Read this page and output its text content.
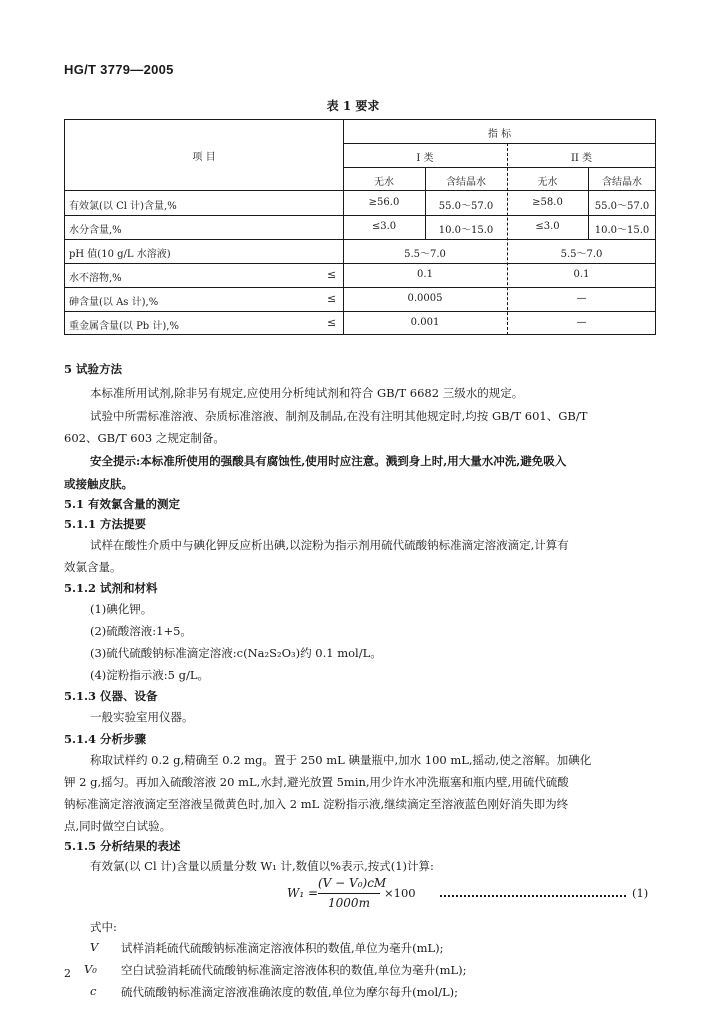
HG/T 3779—2005
表 1 要求
项 目
指 标
I 类	II 类
无水	含结晶水	无水	含结晶水
有效氯(以 Cl 计)含量,%	≥56.0	55.0～57.0	≥58.0	55.0～57.0
水分含量,%	≤3.0	10.0～15.0	≤3.0	10.0～15.0
pH 值(10 g/L 水溶液)	5.5～7.0	5.5～7.0
水不溶物,%	≤	0.1	0.1
砷含量(以 As 计),%	≤	0.0005	—
重金属含量(以 Pb 计),%	≤	0.001	—
5 试验方法
本标准所用试剂,除非另有规定,应使用分析纯试剂和符合 GB/T 6682 三级水的规定。
试验中所需标准溶液、杂质标准溶液、制剂及制品,在没有注明其他规定时,均按 GB/T 601、GB/T
602、GB/T 603 之规定制备。
安全提示:本标准所使用的强酸具有腐蚀性,使用时应注意。溅到身上时,用大量水冲洗,避免吸入
或接触皮肤。
5.1 有效氯含量的测定
5.1.1 方法提要
试样在酸性介质中与碘化钾反应析出碘,以淀粉为指示剂用硫代硫酸钠标准滴定溶液滴定,计算有
效氯含量。
5.1.2 试剂和材料
(1)碘化钾。
(2)硫酸溶液:1+5。
(3)硫代硫酸钠标准滴定溶液:c(Na₂S₂O₃)约 0.1 mol/L。
(4)淀粉指示液:5 g/L。
5.1.3 仪器、设备
一般实验室用仪器。
5.1.4 分析步骤
称取试样约 0.2 g,精确至 0.2 mg。置于 250 mL 碘量瓶中,加水 100 mL,摇动,使之溶解。加碘化
钾 2 g,摇匀。再加入硫酸溶液 20 mL,水封,避光放置 5min,用少许水冲洗瓶塞和瓶内壁,用硫代硫酸
钠标准滴定溶液滴定至溶液呈微黄色时,加入 2 mL 淀粉指示液,继续滴定至溶液蓝色刚好消失即为终
点,同时做空白试验。
5.1.5 分析结果的表述
有效氯(以 Cl 计)含量以质量分数 W₁ 计,数值以%表示,按式(1)计算:
W₁ =
(V − V₀)cM
1000m
×100	(1)
式中:
V 试样消耗硫代硫酸钠标准滴定溶液体积的数值,单位为毫升(mL);
V₀ 空白试验消耗硫代硫酸钠标准滴定溶液体积的数值,单位为毫升(mL);
c 硫代硫酸钠标准滴定溶液准确浓度的数值,单位为摩尔每升(mol/L);
2
